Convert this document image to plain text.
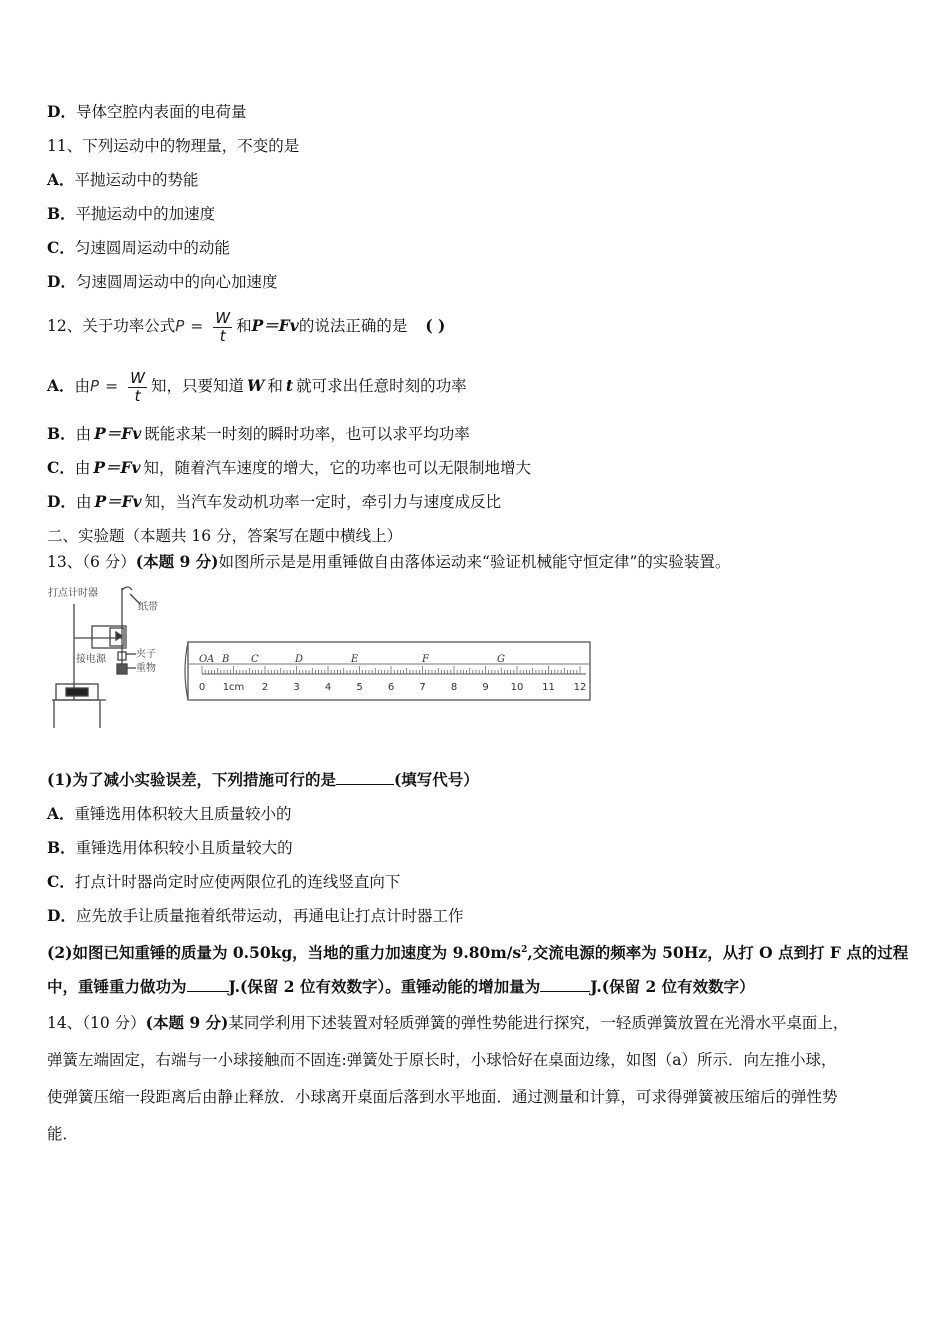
D．导体空腔内表面的电荷量
11、下列运动中的物理量，不变的是
A．平抛运动中的势能
B．平抛运动中的加速度
C．匀速圆周运动中的动能
D．匀速圆周运动中的向心加速度
12、关于功率公式$P = \frac{W}{t}$ 和P＝Fv的说法正确的是 ( )
A．由$P = \frac{W}{t}$ 知，只要知道 W 和 t 就可求出任意时刻的功率
B．由 P＝Fv 既能求某一时刻的瞬时功率，也可以求平均功率
C．由 P＝Fv 知，随着汽车速度的增大，它的功率也可以无限制地增大
D．由 P＝Fv 知，当汽车发动机功率一定时，牵引力与速度成反比
二、实验题（本题共 16 分，答案写在题中横线上）
13、（6 分）(本题 9 分)如图所示是是用重锤做自由落体运动来“验证机械能守恒定律”的实验装置。
打点计时器
纸带
接电源	夹子
重物
0 1cm 2	3	4	5	6	7	8	9 10 11 12
O A B C	D	E	F	G
(1)为了减小实验误差，下列措施可行的是	(填写代号）
A．重锤选用体积较大且质量较小的
B．重锤选用体积较小且质量较大的
C．打点计时器尚定时应使两限位孔的连线竖直向下
D．应先放手让质量拖着纸带运动，再通电让打点计时器工作
(2)如图已知重锤的质量为 0.50kg，当地的重力加速度为 $9.80m/s^2$,交流电源的频率为 50Hz，从打 O 点到打 F 点的过程
中，重锤重力做功为	J.(保留 2 位有效数字）。重锤动能的增加量为	J.(保留 2 位有效数字）
14、（10 分）(本题 9 分)某同学利用下述装置对轻质弹簧的弹性势能进行探究，一轻质弹簧放置在光滑水平桌面上，
弹簧左端固定，右端与一小球接触而不固连:弹簧处于原长时，小球恰好在桌面边缘，如图（a）所示．向左推小球，
使弹簧压缩一段距离后由静止释放．小球离开桌面后落到水平地面．通过测量和计算，可求得弹簧被压缩后的弹性势
能．
